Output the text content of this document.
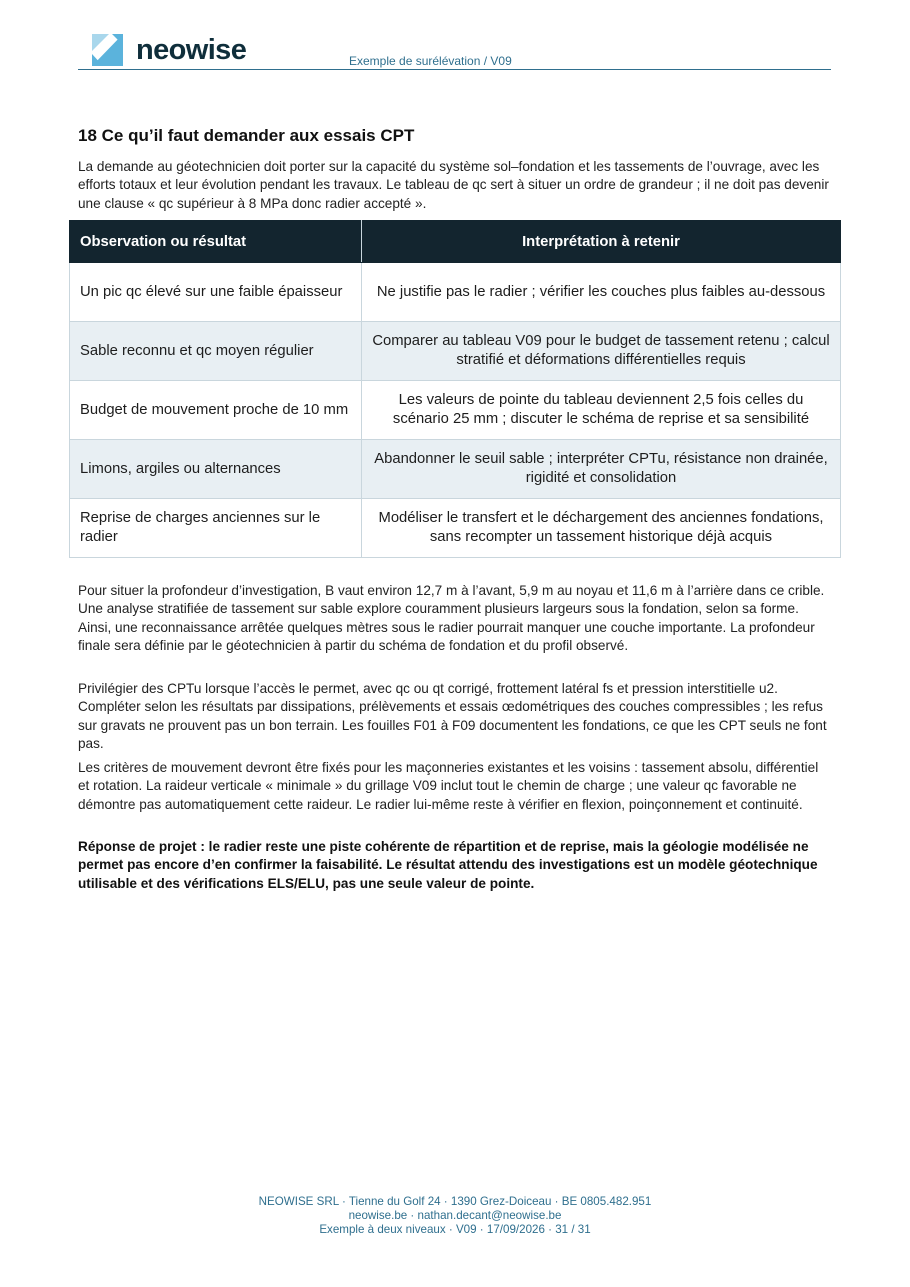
neowise	Exemple de surélévation / V09
18 Ce qu’il faut demander aux essais CPT

La demande au géotechnicien doit porter sur la capacité du système sol–fondation et les tassements de l’ouvrage, avec les efforts totaux et leur évolution pendant les travaux. Le tableau de qc sert à situer un ordre de grandeur ; il ne doit pas devenir une clause « qc supérieur à 8 MPa donc radier accepté ».

Observation ou résultat	Interprétation à retenir
Un pic qc élevé sur une faible épaisseur	Ne justifie pas le radier ; vérifier les couches plus faibles au-dessous
Sable reconnu et qc moyen régulier	Comparer au tableau V09 pour le budget de tassement retenu ; calcul stratifié et déformations différentielles requis
Budget de mouvement proche de 10 mm	Les valeurs de pointe du tableau deviennent 2,5 fois celles du scénario 25 mm ; discuter le schéma de reprise et sa sensibilité
Limons, argiles ou alternances	Abandonner le seuil sable ; interpréter CPTu, résistance non drainée, rigidité et consolidation
Reprise de charges anciennes sur le radier	Modéliser le transfert et le déchargement des anciennes fondations, sans recompter un tassement historique déjà acquis

Pour situer la profondeur d’investigation, B vaut environ 12,7 m à l’avant, 5,9 m au noyau et 11,6 m à l’arrière dans ce crible. Une analyse stratifiée de tassement sur sable explore couramment plusieurs largeurs sous la fondation, selon sa forme. Ainsi, une reconnaissance arrêtée quelques mètres sous le radier pourrait manquer une couche importante. La profondeur finale sera définie par le géotechnicien à partir du schéma de fondation et du profil observé.

Privilégier des CPTu lorsque l’accès le permet, avec qc ou qt corrigé, frottement latéral fs et pression interstitielle u2. Compléter selon les résultats par dissipations, prélèvements et essais œdométriques des couches compressibles ; les refus sur gravats ne prouvent pas un bon terrain. Les fouilles F01 à F09 documentent les fondations, ce que les CPT seuls ne font pas.

Les critères de mouvement devront être fixés pour les maçonneries existantes et les voisins : tassement absolu, différentiel et rotation. La raideur verticale « minimale » du grillage V09 inclut tout le chemin de charge ; une valeur qc favorable ne démontre pas automatiquement cette raideur. Le radier lui-même reste à vérifier en flexion, poinçonnement et continuité.

Réponse de projet : le radier reste une piste cohérente de répartition et de reprise, mais la géologie modélisée ne permet pas encore d’en confirmer la faisabilité. Le résultat attendu des investigations est un modèle géotechnique utilisable et des vérifications ELS/ELU, pas une seule valeur de pointe.

NEOWISE SRL · Tienne du Golf 24 · 1390 Grez-Doiceau · BE 0805.482.951
neowise.be · nathan.decant@neowise.be
Exemple à deux niveaux · V09 · 17/09/2026 · 31 / 31
